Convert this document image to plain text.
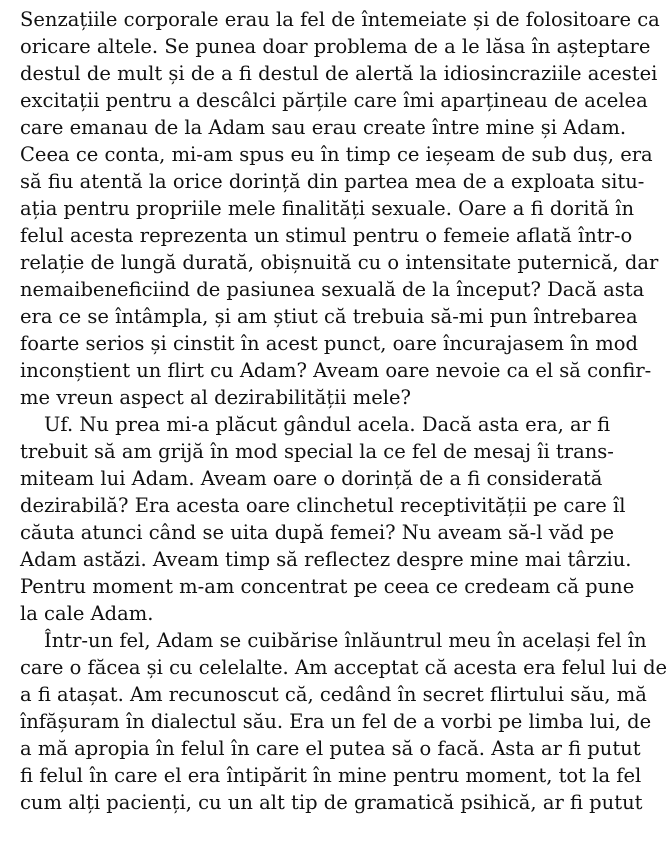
Senzațiile corporale erau la fel de întemeiate și de folositoare ca
oricare altele. Se punea doar problema de a le lăsa în așteptare
destul de mult și de a fi destul de alertă la idiosincraziile acestei
excitații pentru a descâlci părțile care îmi aparțineau de acelea
care emanau de la Adam sau erau create între mine și Adam.
Ceea ce conta, mi-am spus eu în timp ce ieșeam de sub duș, era
să fiu atentă la orice dorință din partea mea de a exploata situ-
ația pentru propriile mele finalități sexuale. Oare a fi dorită în
felul acesta reprezenta un stimul pentru o femeie aflată într-o
relație de lungă durată, obișnuită cu o intensitate puternică, dar
nemaibeneficiind de pasiunea sexuală de la început? Dacă asta
era ce se întâmpla, și am știut că trebuia să-mi pun întrebarea
foarte serios și cinstit în acest punct, oare încurajasem în mod
inconștient un flirt cu Adam? Aveam oare nevoie ca el să confir-
me vreun aspect al dezirabilității mele?
Uf. Nu prea mi-a plăcut gândul acela. Dacă asta era, ar fi
trebuit să am grijă în mod special la ce fel de mesaj îi trans-
miteam lui Adam. Aveam oare o dorință de a fi considerată
dezirabilă? Era acesta oare clinchetul receptivității pe care îl
căuta atunci când se uita după femei? Nu aveam să-l văd pe
Adam astăzi. Aveam timp să reflectez despre mine mai târziu.
Pentru moment m-am concentrat pe ceea ce credeam că pune
la cale Adam.
Într-un fel, Adam se cuibărise înlăuntrul meu în același fel în
care o făcea și cu celelalte. Am acceptat că acesta era felul lui de
a fi atașat. Am recunoscut că, cedând în secret flirtului său, mă
înfășuram în dialectul său. Era un fel de a vorbi pe limba lui, de
a mă apropia în felul în care el putea să o facă. Asta ar fi putut
fi felul în care el era întipărit în mine pentru moment, tot la fel
cum alți pacienți, cu un alt tip de gramatică psihică, ar fi putut
